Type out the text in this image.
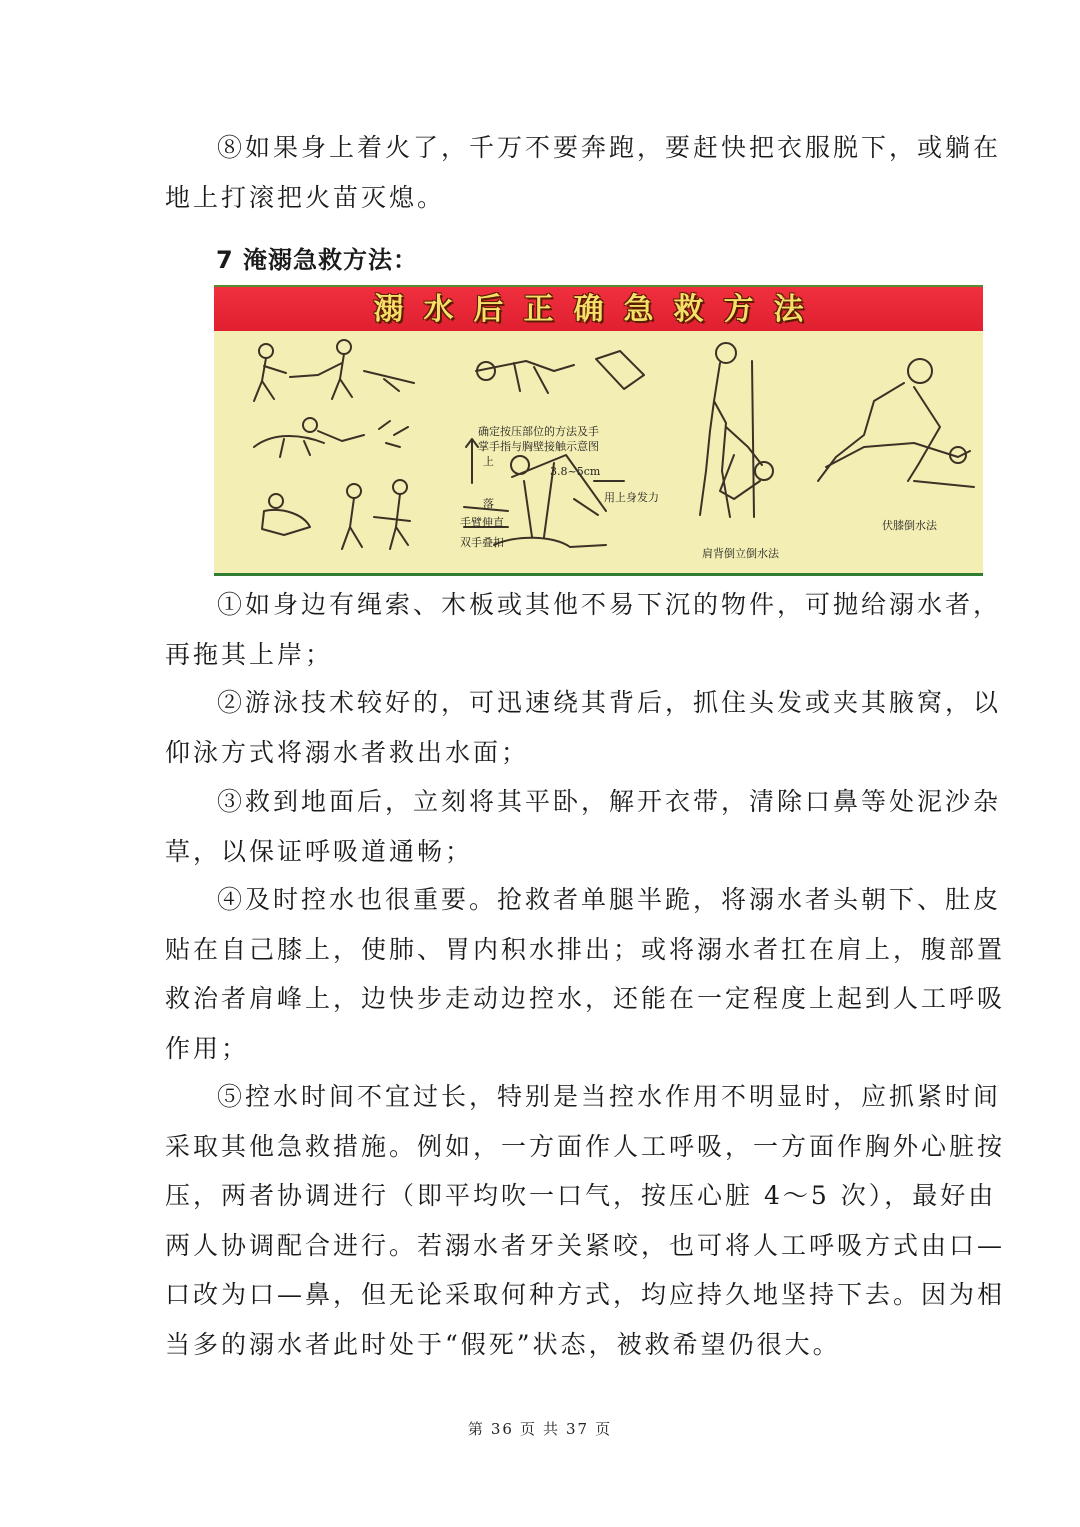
⑧如果身上着火了，千万不要奔跑，要赶快把衣服脱下，或躺在
地上打滚把火苗灭熄。
7 淹溺急救方法：
溺水后正确急救方法
确定按压部位的方法及手
掌手指与胸壁接触示意图
上
落
3.8~5cm
用上身发力
手臂伸直
双手叠扣
肩背倒立倒水法
伏膝倒水法
①如身边有绳索、木板或其他不易下沉的物件，可抛给溺水者，
再拖其上岸；
②游泳技术较好的，可迅速绕其背后，抓住头发或夹其腋窝，以
仰泳方式将溺水者救出水面；
③救到地面后，立刻将其平卧，解开衣带，清除口鼻等处泥沙杂
草，以保证呼吸道通畅；
④及时控水也很重要。抢救者单腿半跪，将溺水者头朝下、肚皮
贴在自己膝上，使肺、胃内积水排出；或将溺水者扛在肩上，腹部置
救治者肩峰上，边快步走动边控水，还能在一定程度上起到人工呼吸
作用；
⑤控水时间不宜过长，特别是当控水作用不明显时，应抓紧时间
采取其他急救措施。例如，一方面作人工呼吸，一方面作胸外心脏按
压，两者协调进行（即平均吹一口气，按压心脏 4～5 次），最好由
两人协调配合进行。若溺水者牙关紧咬，也可将人工呼吸方式由口—
口改为口—鼻，但无论采取何种方式，均应持久地坚持下去。因为相
当多的溺水者此时处于“假死”状态，被救希望仍很大。
第 36 页 共 37 页
